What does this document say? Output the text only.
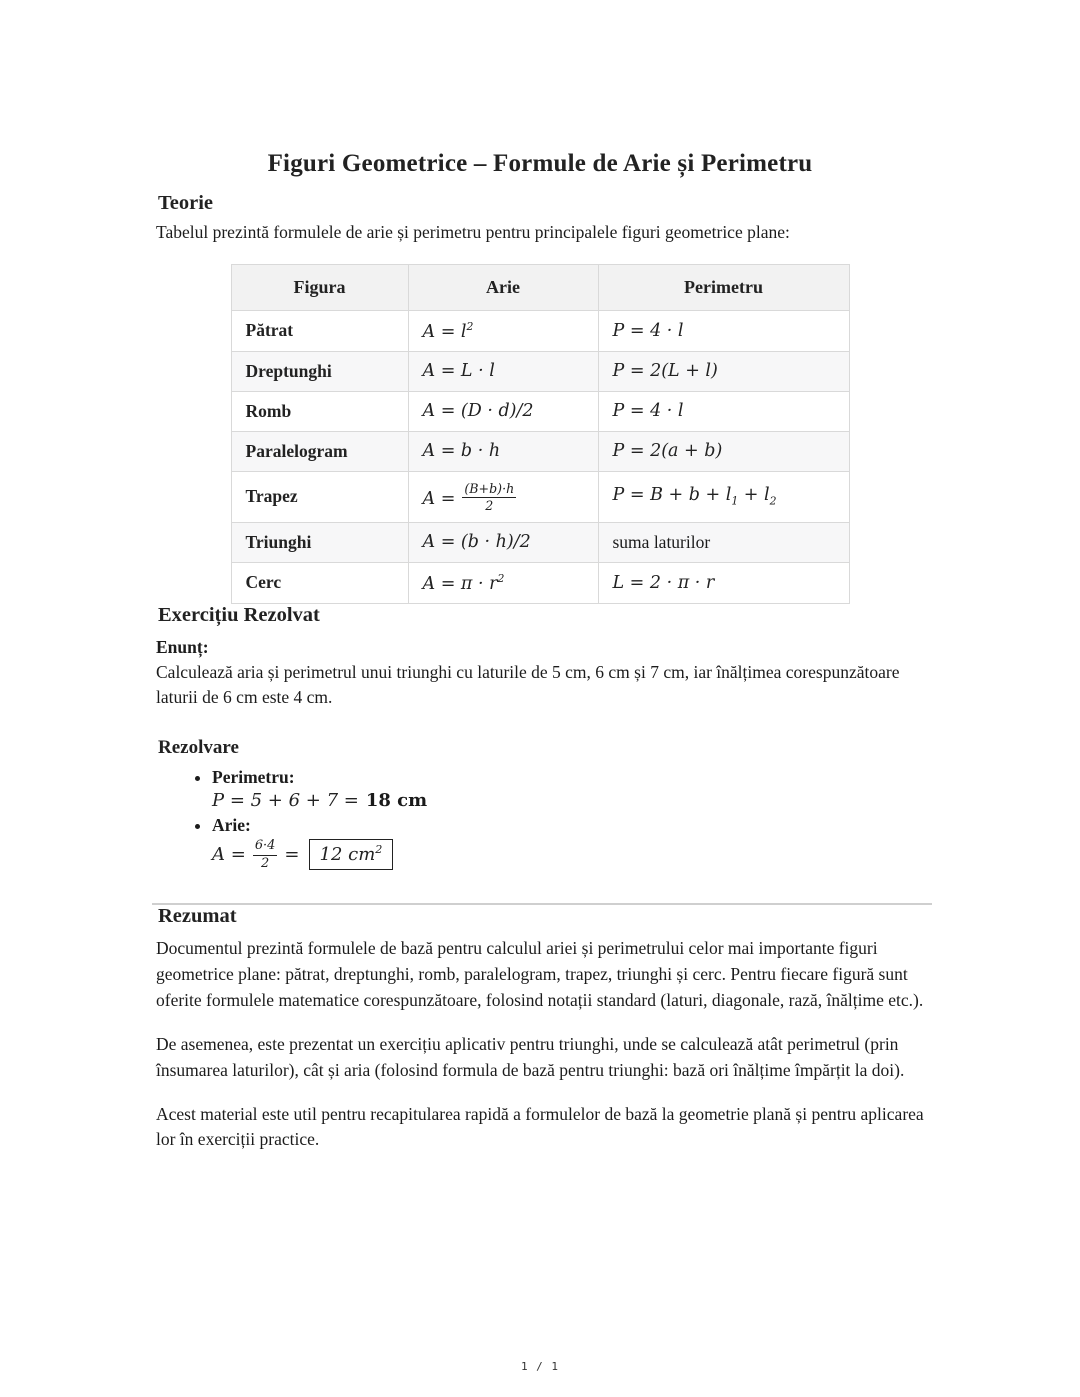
Figuri Geometrice – Formule de Arie și Perimetru
Teorie

Tabelul prezintă formulele de arie și perimetru pentru principalele figuri geometrice plane:

Figura	Arie	Perimetru
Pătrat	$A = l^2$	P = 4 · l
Dreptunghi	A = L · l	P = 2(L + l)
Romb	A = (D · d)/2	P = 4 · l
Paralelogram	A = b · h	P = 2(a + b)
Trapez	$A = \frac{(B+b)\cdot h}{2}$	$P = B + b + l_1 + l_2$
Triunghi	A = (b · h)/2	suma laturilor
Cerc	$A = \pi \cdot r^2$	L = 2 · π · r
Exercițiu Rezolvat

Enunț:

Calculează aria și perimetrul unui triunghi cu laturile de 5 cm, 6 cm și 7 cm, iar înălțimea corespunzătoare laturii de 6 cm este 4 cm.

Rezolvare
• Perimetru:
P = 5 + 6 + 7 = 18 cm
• Arie:
$A = \frac{6\cdot 4}{2} = 12$ $cm^2$
Rezumat

Documentul prezintă formulele de bază pentru calculul ariei și perimetrului celor mai importante figuri geometrice plane: pătrat, dreptunghi, romb, paralelogram, trapez, triunghi și cerc. Pentru fiecare figură sunt oferite formulele matematice corespunzătoare, folosind notații standard (laturi, diagonale, rază, înălțime etc.).

De asemenea, este prezentat un exercițiu aplicativ pentru triunghi, unde se calculează atât perimetrul (prin însumarea laturilor), cât și aria (folosind formula de bază pentru triunghi: bază ori înălțime împărțit la doi).

Acest material este util pentru recapitularea rapidă a formulelor de bază la geometrie plană și pentru aplicarea lor în exerciții practice.

1 / 1
